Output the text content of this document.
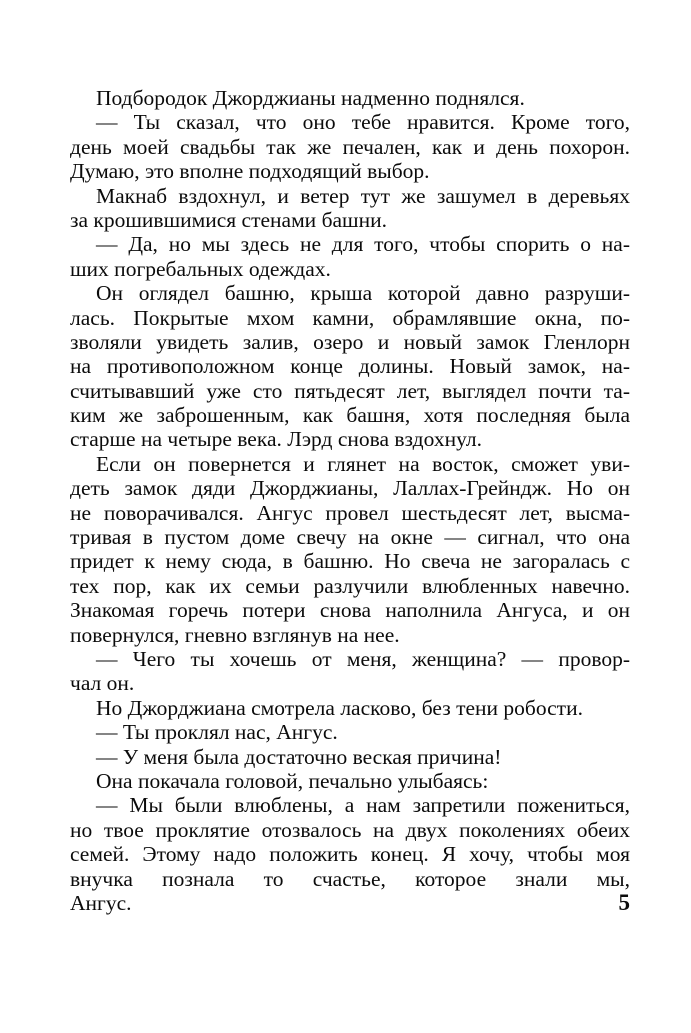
Подбородок Джорджианы надменно поднялся.

— Ты сказал, что оно тебе нравится. Кроме того,
день моей свадьбы так же печален, как и день похорон.
Думаю, это вполне подходящий выбор.

Макнаб вздохнул, и ветер тут же зашумел в деревьях
за крошившимися стенами башни.

— Да, но мы здесь не для того, чтобы спорить о на-
ших погребальных одеждах.

Он оглядел башню, крыша которой давно разруши-
лась. Покрытые мхом камни, обрамлявшие окна, по-
зволяли увидеть залив, озеро и новый замок Гленлорн
на противоположном конце долины. Новый замок, на-
считывавший уже сто пятьдесят лет, выглядел почти та-
ким же заброшенным, как башня, хотя последняя была
старше на четыре века. Лэрд снова вздохнул.

Если он повернется и глянет на восток, сможет уви-
деть замок дяди Джорджианы, Лаллах-Грейндж. Но он
не поворачивался. Ангус провел шестьдесят лет, высма-
тривая в пустом доме свечу на окне — сигнал, что она
придет к нему сюда, в башню. Но свеча не загоралась с
тех пор, как их семьи разлучили влюбленных навечно.
Знакомая горечь потери снова наполнила Ангуса, и он
повернулся, гневно взглянув на нее.

— Чего ты хочешь от меня, женщина? — провор-
чал он.

Но Джорджиана смотрела ласково, без тени робости.

— Ты проклял нас, Ангус.

— У меня была достаточно веская причина!

Она покачала головой, печально улыбаясь:

— Мы были влюблены, а нам запретили пожениться,
но твое проклятие отозвалось на двух поколениях обеих
семей. Этому надо положить конец. Я хочу, чтобы моя
внучка познала то счастье, которое знали мы,
Ангус.	5
